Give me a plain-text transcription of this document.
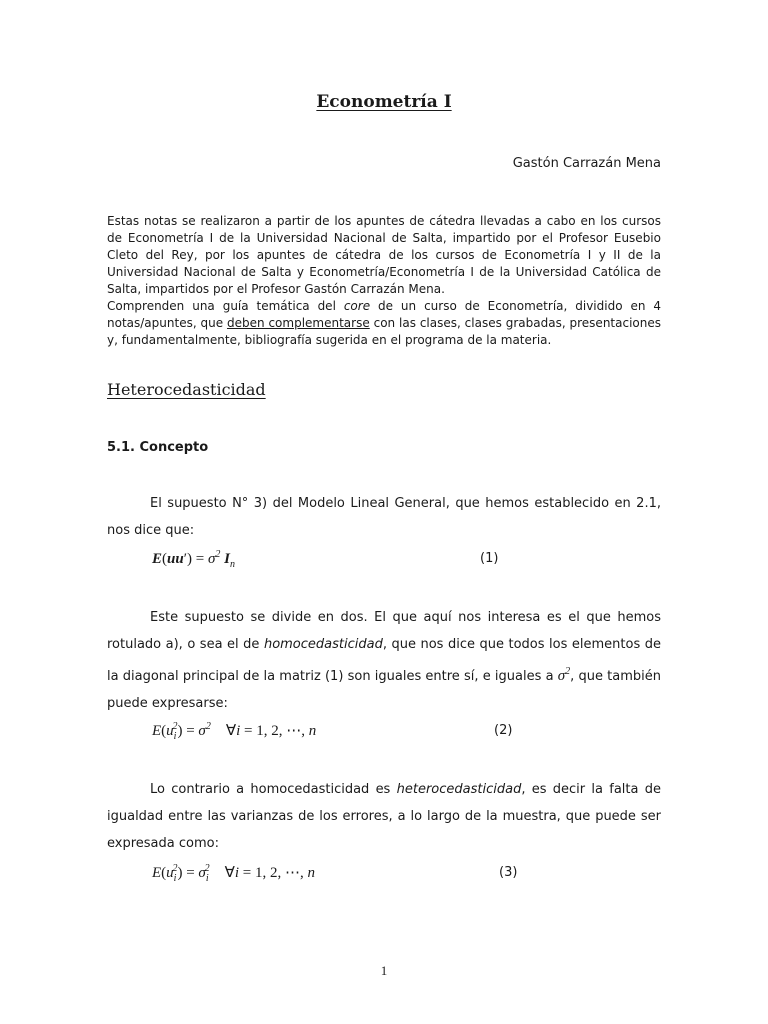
Econometría I
Gastón Carrazán Mena

Estas notas se realizaron a partir de los apuntes de cátedra llevadas a cabo en los cursos de Econometría I de la Universidad Nacional de Salta, impartido por el Profesor Eusebio Cleto del Rey, por los apuntes de cátedra de los cursos de Econometría I y II de la Universidad Nacional de Salta y Econometría/Econometría I de la Universidad Católica de Salta, impartidos por el Profesor Gastón Carrazán Mena.

Comprenden una guía temática del core de un curso de Econometría, dividido en 4 notas/apuntes, que deben complementarse con las clases, clases grabadas, presentaciones y, fundamentalmente, bibliografía sugerida en el programa de la materia.

Heterocedasticidad
5.1. Concepto

El supuesto N° 3) del Modelo Lineal General, que hemos establecido en 2.1, nos dice que:

$E(uu') = \sigma^2$ $I_n$	(1)

Este supuesto se divide en dos. El que aquí nos interesa es el que hemos rotulado a), o sea el de homocedasticidad, que nos dice que todos los elementos de la diagonal principal de la matriz (1) son iguales entre sí, e iguales a $\sigma^2$, que también puede expresarse:

$E(u_i^2) = \sigma^2$ ∀i = 1, 2, ⋯, n	(2)

Lo contrario a homocedasticidad es heterocedasticidad, es decir la falta de igualdad entre las varianzas de los errores, a lo largo de la muestra, que puede ser expresada como:

$E(u_i^2) = \sigma_i^2$ ∀i = 1, 2, ⋯, n	(3)
1
